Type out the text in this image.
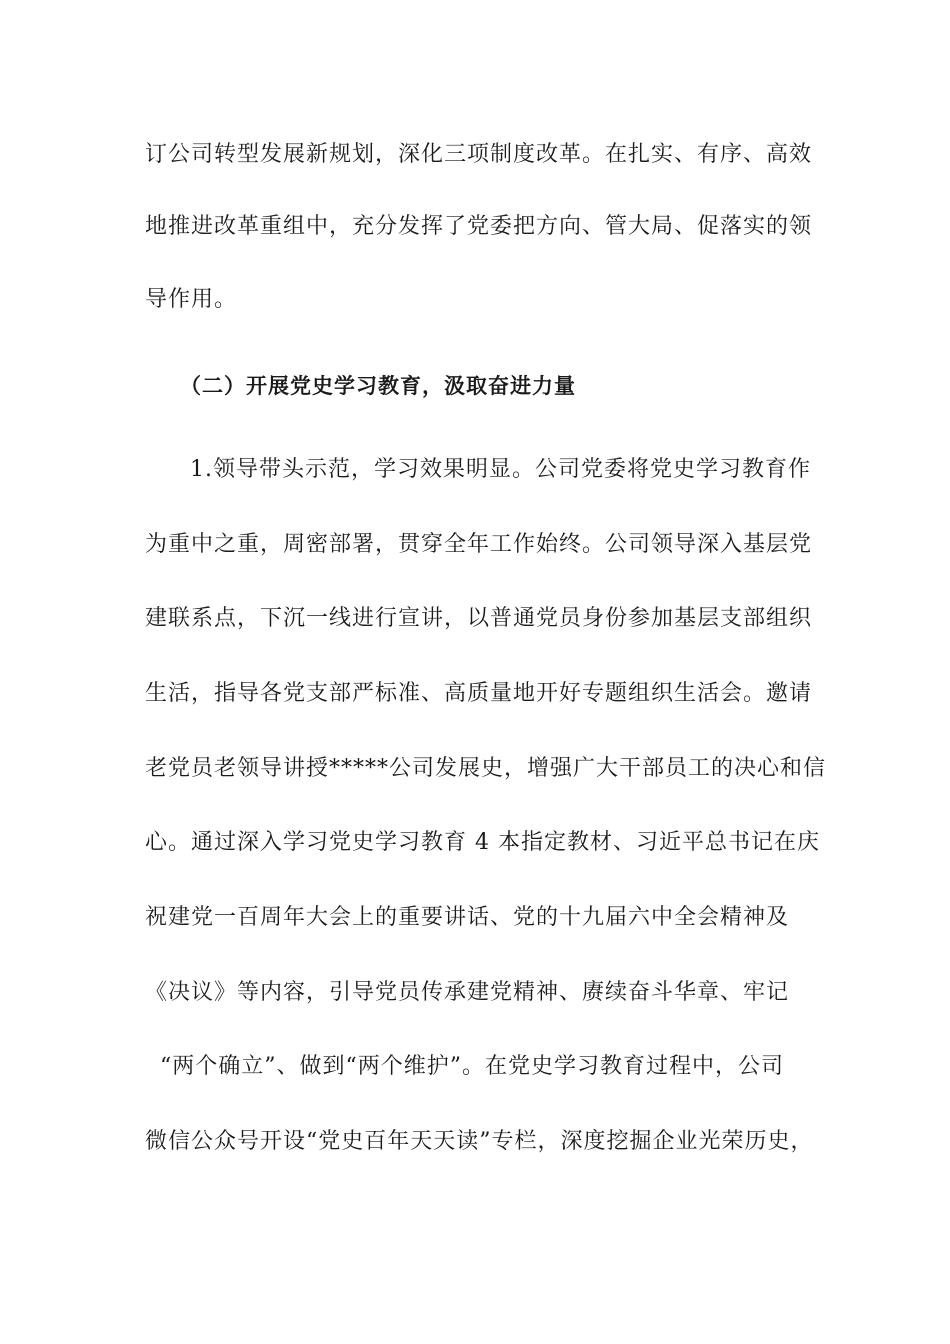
订公司转型发展新规划，深化三项制度改革。在扎实、有序、高效
地推进改革重组中，充分发挥了党委把方向、管大局、促落实的领
导作用。
（二）开展党史学习教育，汲取奋进力量
1.领导带头示范，学习效果明显。公司党委将党史学习教育作
为重中之重，周密部署，贯穿全年工作始终。公司领导深入基层党
建联系点，下沉一线进行宣讲，以普通党员身份参加基层支部组织
生活，指导各党支部严标准、高质量地开好专题组织生活会。邀请
老党员老领导讲授*****公司发展史，增强广大干部员工的决心和信
心。通过深入学习党史学习教育 4 本指定教材、习近平总书记在庆
祝建党一百周年大会上的重要讲话、党的十九届六中全会精神及
《决议》等内容，引导党员传承建党精神、赓续奋斗华章、牢记
“两个确立”、做到“两个维护”。在党史学习教育过程中，公司
微信公众号开设“党史百年天天读”专栏，深度挖掘企业光荣历史，
